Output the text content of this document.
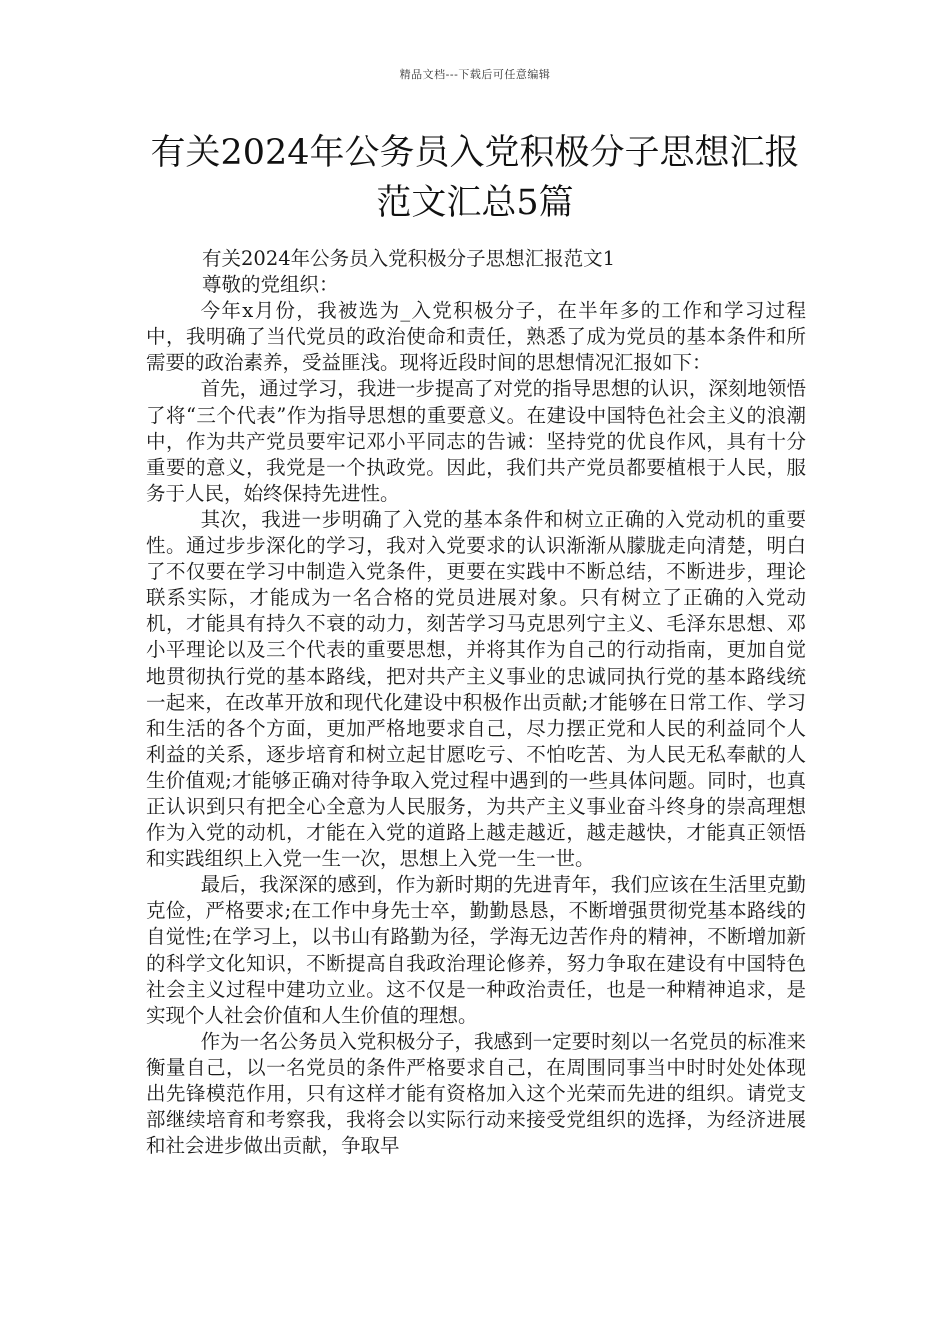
精品文档---下载后可任意编辑
有关2024年公务员入党积极分子思想汇报
范文汇总5篇

有关2024年公务员入党积极分子思想汇报范文1

尊敬的党组织：

今年x月份，我被选为_入党积极分子，在半年多的工作和学习过程中，我明确了当代党员的政治使命和责任，熟悉了成为党员的基本条件和所需要的政治素养，受益匪浅。现将近段时间的思想情况汇报如下：

首先，通过学习，我进一步提高了对党的指导思想的认识，深刻地领悟了将“三个代表”作为指导思想的重要意义。在建设中国特色社会主义的浪潮中，作为共产党员要牢记邓小平同志的告诫：坚持党的优良作风，具有十分重要的意义，我党是一个执政党。因此，我们共产党员都要植根于人民，服务于人民，始终保持先进性。

其次，我进一步明确了入党的基本条件和树立正确的入党动机的重要性。通过步步深化的学习，我对入党要求的认识渐渐从朦胧走向清楚，明白了不仅要在学习中制造入党条件，更要在实践中不断总结，不断进步，理论联系实际，才能成为一名合格的党员进展对象。只有树立了正确的入党动机，才能具有持久不衰的动力，刻苦学习马克思列宁主义、毛泽东思想、邓小平理论以及三个代表的重要思想，并将其作为自己的行动指南，更加自觉地贯彻执行党的基本路线，把对共产主义事业的忠诚同执行党的基本路线统一起来，在改革开放和现代化建设中积极作出贡献;才能够在日常工作、学习和生活的各个方面，更加严格地要求自己，尽力摆正党和人民的利益同个人利益的关系，逐步培育和树立起甘愿吃亏、不怕吃苦、为人民无私奉献的人生价值观;才能够正确对待争取入党过程中遇到的一些具体问题。同时，也真正认识到只有把全心全意为人民服务，为共产主义事业奋斗终身的崇高理想作为入党的动机，才能在入党的道路上越走越近，越走越快，才能真正领悟和实践组织上入党一生一次，思想上入党一生一世。

最后，我深深的感到，作为新时期的先进青年，我们应该在生活里克勤克俭，严格要求;在工作中身先士卒，勤勤恳恳，不断增强贯彻党基本路线的自觉性;在学习上，以书山有路勤为径，学海无边苦作舟的精神，不断增加新的科学文化知识，不断提高自我政治理论修养，努力争取在建设有中国特色社会主义过程中建功立业。这不仅是一种政治责任，也是一种精神追求，是实现个人社会价值和人生价值的理想。

作为一名公务员入党积极分子，我感到一定要时刻以一名党员的标准来衡量自己，以一名党员的条件严格要求自己，在周围同事当中时时处处体现出先锋模范作用，只有这样才能有资格加入这个光荣而先进的组织。请党支部继续培育和考察我，我将会以实际行动来接受党组织的选择，为经济进展和社会进步做出贡献，争取早
